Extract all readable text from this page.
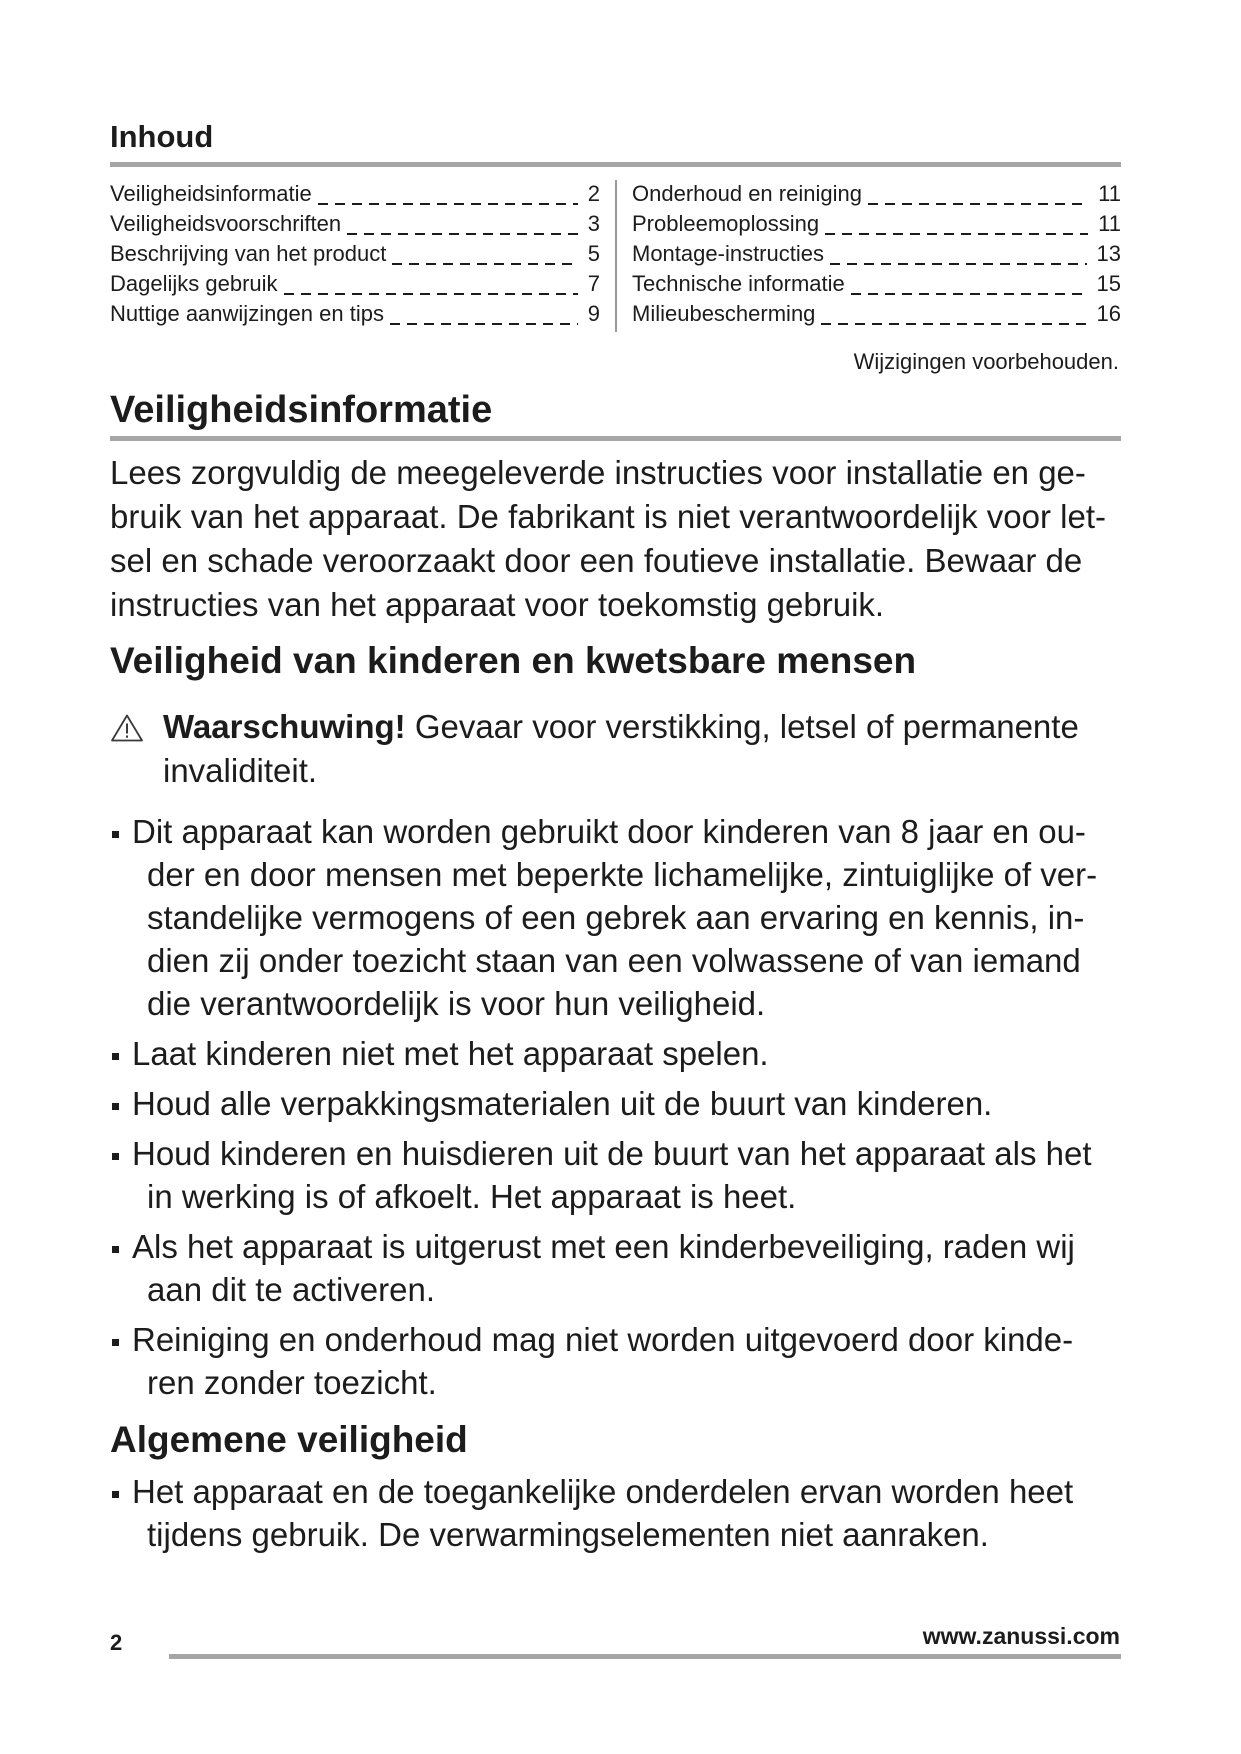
Inhoud
Veiligheidsinformatie	2
Veiligheidsvoorschriften	3
Beschrijving van het product	5
Dagelijks gebruik	7
Nuttige aanwijzingen en tips	9
Onderhoud en reiniging	11
Probleemoplossing	11
Montage-instructies	13
Technische informatie	15
Milieubescherming	16
Wijzigingen voorbehouden.
Veiligheidsinformatie
Lees zorgvuldig de meegeleverde instructies voor installatie en ge-
bruik van het apparaat. De fabrikant is niet verantwoordelijk voor let-
sel en schade veroorzaakt door een foutieve installatie. Bewaar de
instructies van het apparaat voor toekomstig gebruik.
Veiligheid van kinderen en kwetsbare mensen
Waarschuwing! Gevaar voor verstikking, letsel of permanente
invaliditeit.
Dit apparaat kan worden gebruikt door kinderen van 8 jaar en ou-
der en door mensen met beperkte lichamelijke, zintuiglijke of ver-
standelijke vermogens of een gebrek aan ervaring en kennis, in-
dien zij onder toezicht staan van een volwassene of van iemand
die verantwoordelijk is voor hun veiligheid.
Laat kinderen niet met het apparaat spelen.
Houd alle verpakkingsmaterialen uit de buurt van kinderen.
Houd kinderen en huisdieren uit de buurt van het apparaat als het
in werking is of afkoelt. Het apparaat is heet.
Als het apparaat is uitgerust met een kinderbeveiliging, raden wij
aan dit te activeren.
Reiniging en onderhoud mag niet worden uitgevoerd door kinde-
ren zonder toezicht.
Algemene veiligheid
Het apparaat en de toegankelijke onderdelen ervan worden heet
tijdens gebruik. De verwarmingselementen niet aanraken.
2	www.zanussi.com
